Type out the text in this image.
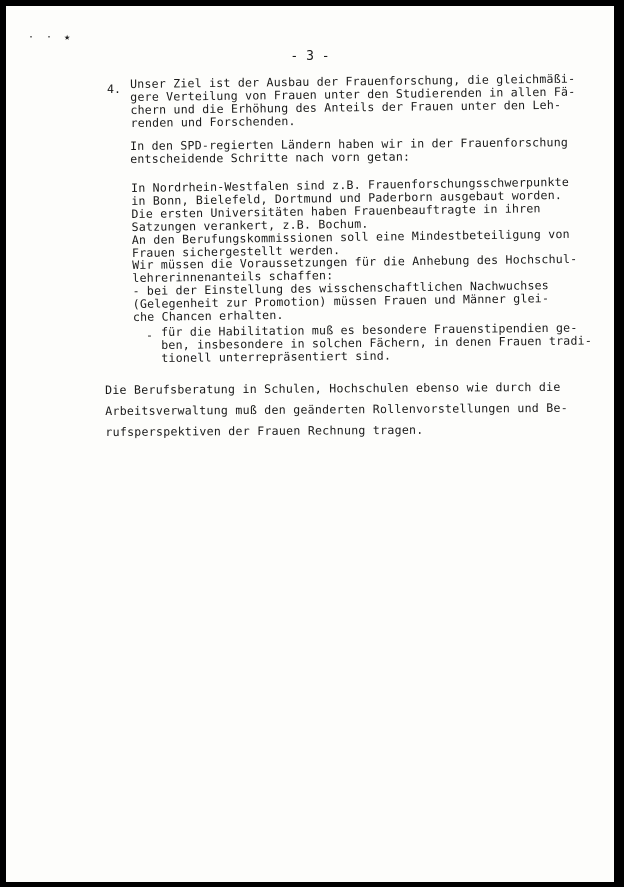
· · ★
- 3 -
4. Unser Ziel ist der Ausbau der Frauenforschung, die gleichmäßi-
gere Verteilung von Frauen unter den Studierenden in allen Fä-
chern und die Erhöhung des Anteils der Frauen unter den Leh-
renden und Forschenden.
In den SPD-regierten Ländern haben wir in der Frauenforschung
entscheidende Schritte nach vorn getan:
In Nordrhein-Westfalen sind z.B. Frauenforschungsschwerpunkte
in Bonn, Bielefeld, Dortmund und Paderborn ausgebaut worden.
Die ersten Universitäten haben Frauenbeauftragte in ihren
Satzungen verankert, z.B. Bochum.
An den Berufungskommissionen soll eine Mindestbeteiligung von
Frauen sichergestellt werden.
Wir müssen die Voraussetzungen für die Anhebung des Hochschul-
lehrerinnenanteils schaffen:
- bei der Einstellung des wisschenschaftlichen Nachwuchses
(Gelegenheit zur Promotion) müssen Frauen und Männer glei-
che Chancen erhalten.
- für die Habilitation muß es besondere Frauenstipendien ge-
ben, insbesondere in solchen Fächern, in denen Frauen tradi-
tionell unterrepräsentiert sind.
Die Berufsberatung in Schulen, Hochschulen ebenso wie durch die
Arbeitsverwaltung muß den geänderten Rollenvorstellungen und Be-
rufsperspektiven der Frauen Rechnung tragen.
